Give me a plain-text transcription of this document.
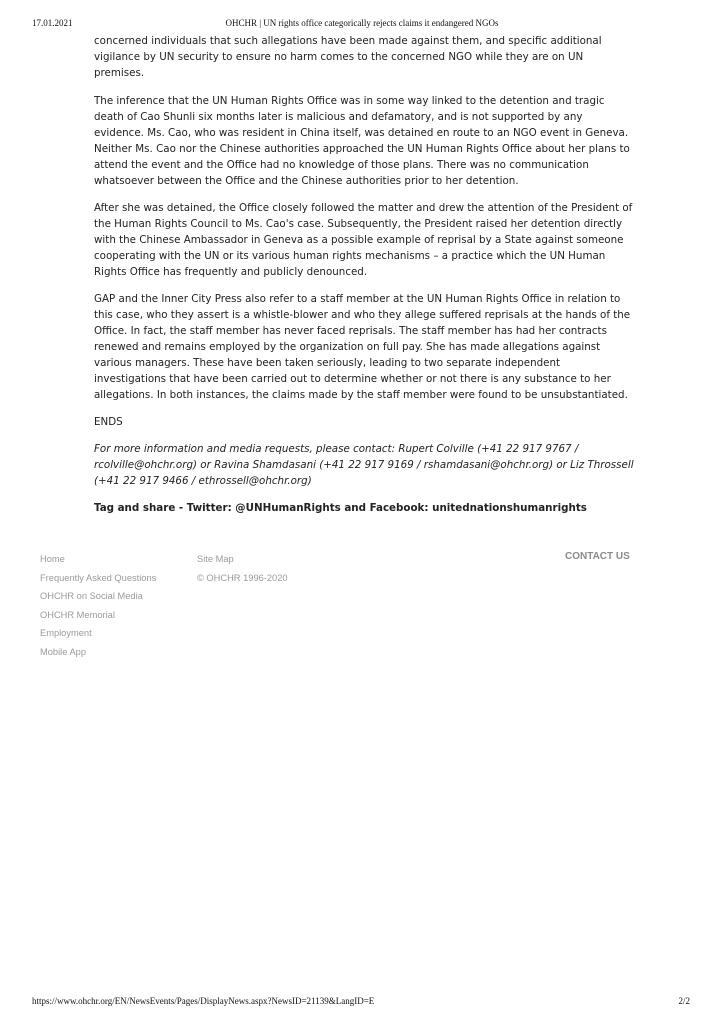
17.01.2021	OHCHR | UN rights office categorically rejects claims it endangered NGOs

concerned individuals that such allegations have been made against them, and specific additional vigilance by UN security to ensure no harm comes to the concerned NGO while they are on UN premises.

The inference that the UN Human Rights Office was in some way linked to the detention and tragic death of Cao Shunli six months later is malicious and defamatory, and is not supported by any evidence. Ms. Cao, who was resident in China itself, was detained en route to an NGO event in Geneva. Neither Ms. Cao nor the Chinese authorities approached the UN Human Rights Office about her plans to attend the event and the Office had no knowledge of those plans. There was no communication whatsoever between the Office and the Chinese authorities prior to her detention.

After she was detained, the Office closely followed the matter and drew the attention of the President of the Human Rights Council to Ms. Cao's case. Subsequently, the President raised her detention directly with the Chinese Ambassador in Geneva as a possible example of reprisal by a State against someone cooperating with the UN or its various human rights mechanisms – a practice which the UN Human Rights Office has frequently and publicly denounced.

GAP and the Inner City Press also refer to a staff member at the UN Human Rights Office in relation to this case, who they assert is a whistle-blower and who they allege suffered reprisals at the hands of the Office. In fact, the staff member has never faced reprisals. The staff member has had her contracts renewed and remains employed by the organization on full pay. She has made allegations against various managers. These have been taken seriously, leading to two separate independent investigations that have been carried out to determine whether or not there is any substance to her allegations. In both instances, the claims made by the staff member were found to be unsubstantiated.

ENDS

For more information and media requests, please contact: Rupert Colville (+41 22 917 9767 / rcolville@ohchr.org) or Ravina Shamdasani (+41 22 917 9169 / rshamdasani@ohchr.org) or Liz Throssell (+41 22 917 9466 / ethrossell@ohchr.org)

Tag and share - Twitter: @UNHumanRights and Facebook: unitednationshumanrights

Home
Frequently Asked Questions
OHCHR on Social Media
OHCHR Memorial
Employment
Mobile App
Site Map
© OHCHR 1996-2020
CONTACT US
https://www.ohchr.org/EN/NewsEvents/Pages/DisplayNews.aspx?NewsID=21139&LangID=E	2/2
